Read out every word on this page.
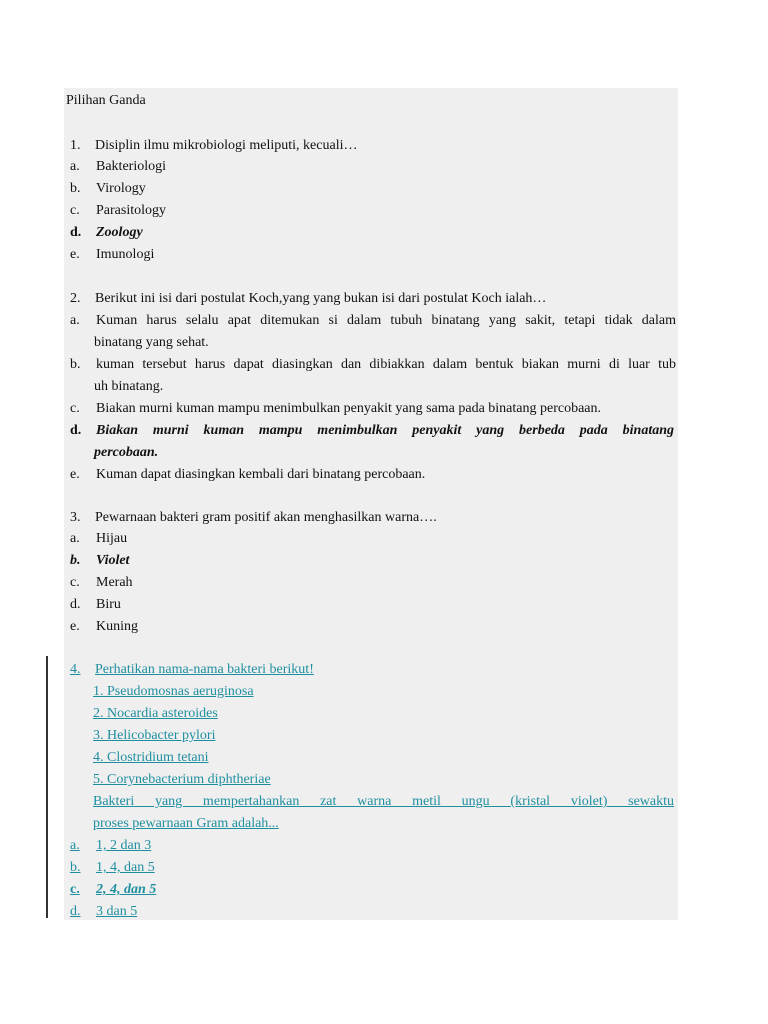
Pilihan Ganda
1. Disiplin ilmu mikrobiologi meliputi, kecuali…
a. Bakteriologi
b. Virology
c. Parasitology
d. Zoology
e. Imunologi
2. Berikut ini isi dari postulat Koch,yang yang bukan isi dari postulat Koch ialah…
a. Kuman harus selalu apat ditemukan si dalam tubuh binatang yang sakit, tetapi tidak dalam
binatang yang sehat.
b. kuman tersebut harus dapat diasingkan dan dibiakkan dalam bentuk biakan murni di luar tub
uh binatang.
c. Biakan murni kuman mampu menimbulkan penyakit yang sama pada binatang percobaan.
d. Biakan murni kuman mampu menimbulkan penyakit yang berbeda pada binatang
percobaan.
e. Kuman dapat diasingkan kembali dari binatang percobaan.
3. Pewarnaan bakteri gram positif akan menghasilkan warna….
a. Hijau
b. Violet
c. Merah
d. Biru
e. Kuning
4. Perhatikan nama-nama bakteri berikut!
1. Pseudomosnas aeruginosa
2. Nocardia asteroides
3. Helicobacter pylori
4. Clostridium tetani
5. Corynebacterium diphtheriae
Bakteri yang mempertahankan zat warna metil ungu (kristal violet) sewaktu
proses pewarnaan Gram adalah...
a. 1, 2 dan 3
b. 1, 4, dan 5
c. 2, 4, dan 5
d. 3 dan 5
